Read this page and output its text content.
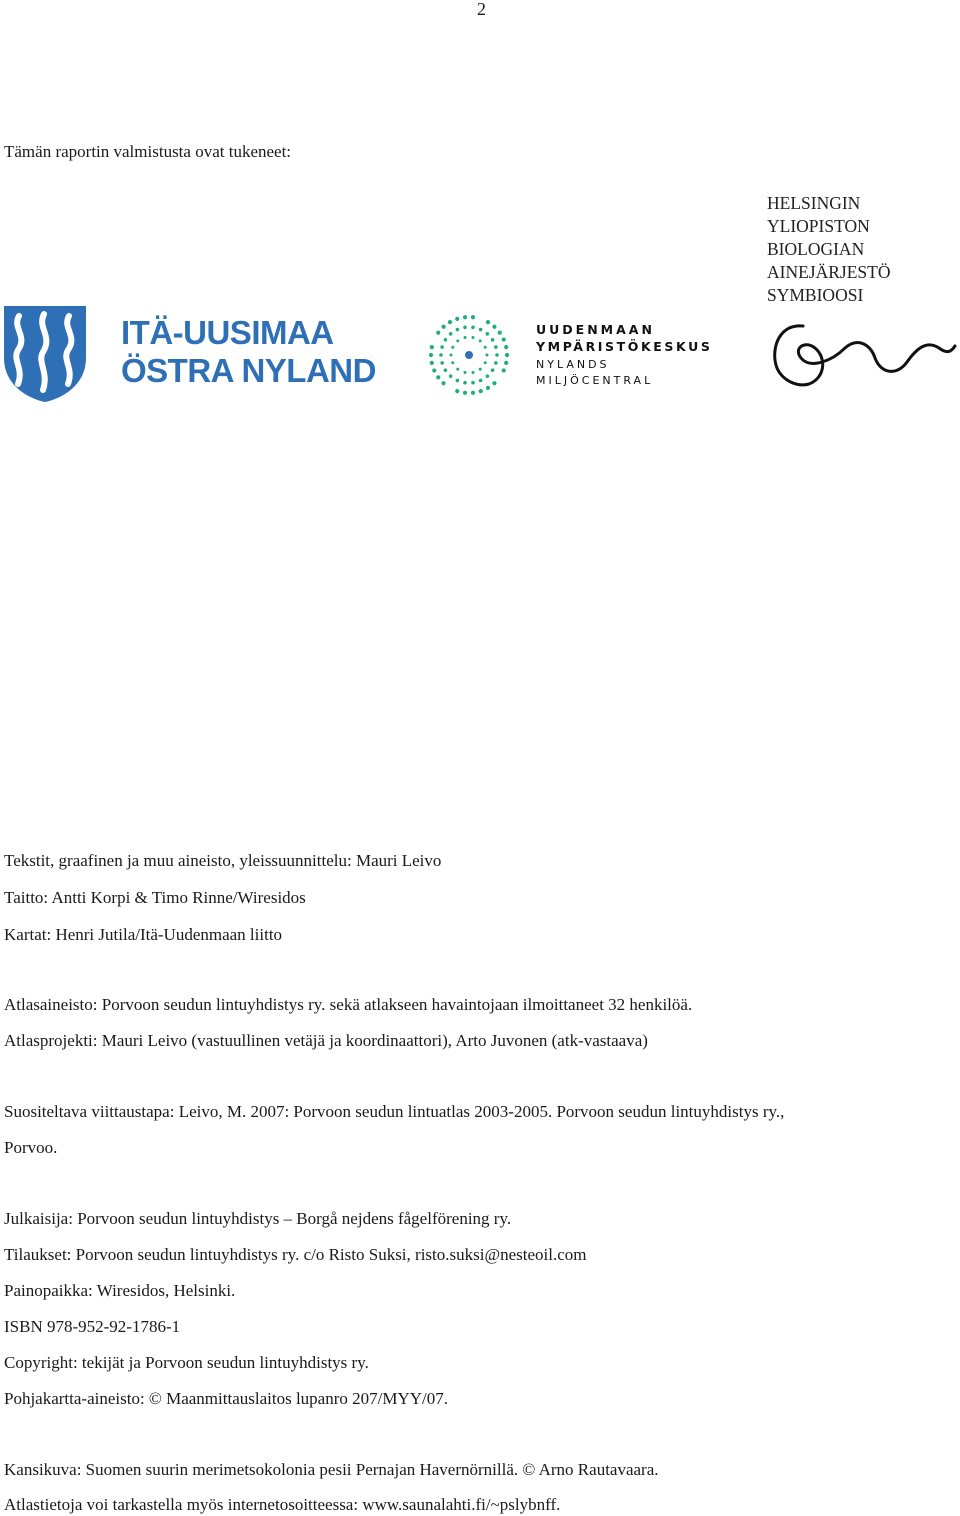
2
Tämän raportin valmistusta ovat tukeneet:
ITÄ-UUSIMAA
ÖSTRA NYLAND
UUDENMAAN
YMPÄRISTÖKESKUS
NYLANDS
MILJÖCENTRAL
HELSINGIN
YLIOPISTON
BIOLOGIAN
AINEJÄRJESTÖ
SYMBIOOSI
Tekstit, graafinen ja muu aineisto, yleissuunnittelu: Mauri Leivo
Taitto: Antti Korpi & Timo Rinne/Wiresidos
Kartat: Henri Jutila/Itä-Uudenmaan liitto
Atlasaineisto: Porvoon seudun lintuyhdistys ry. sekä atlakseen havaintojaan ilmoittaneet 32 henkilöä.
Atlasprojekti: Mauri Leivo (vastuullinen vetäjä ja koordinaattori), Arto Juvonen (atk-vastaava)
Suositeltava viittaustapa: Leivo, M. 2007: Porvoon seudun lintuatlas 2003-2005. Porvoon seudun lintuyhdistys ry.,
Porvoo.
Julkaisija: Porvoon seudun lintuyhdistys – Borgå nejdens fågelförening ry.
Tilaukset: Porvoon seudun lintuyhdistys ry. c/o Risto Suksi, risto.suksi@nesteoil.com
Painopaikka: Wiresidos, Helsinki.
ISBN 978-952-92-1786-1
Copyright: tekijät ja Porvoon seudun lintuyhdistys ry.
Pohjakartta-aineisto: © Maanmittauslaitos lupanro 207/MYY/07.
Kansikuva: Suomen suurin merimetsokolonia pesii Pernajan Havernörnillä. © Arno Rautavaara.
Atlastietoja voi tarkastella myös internetosoitteessa: www.saunalahti.fi/~pslybnff.
